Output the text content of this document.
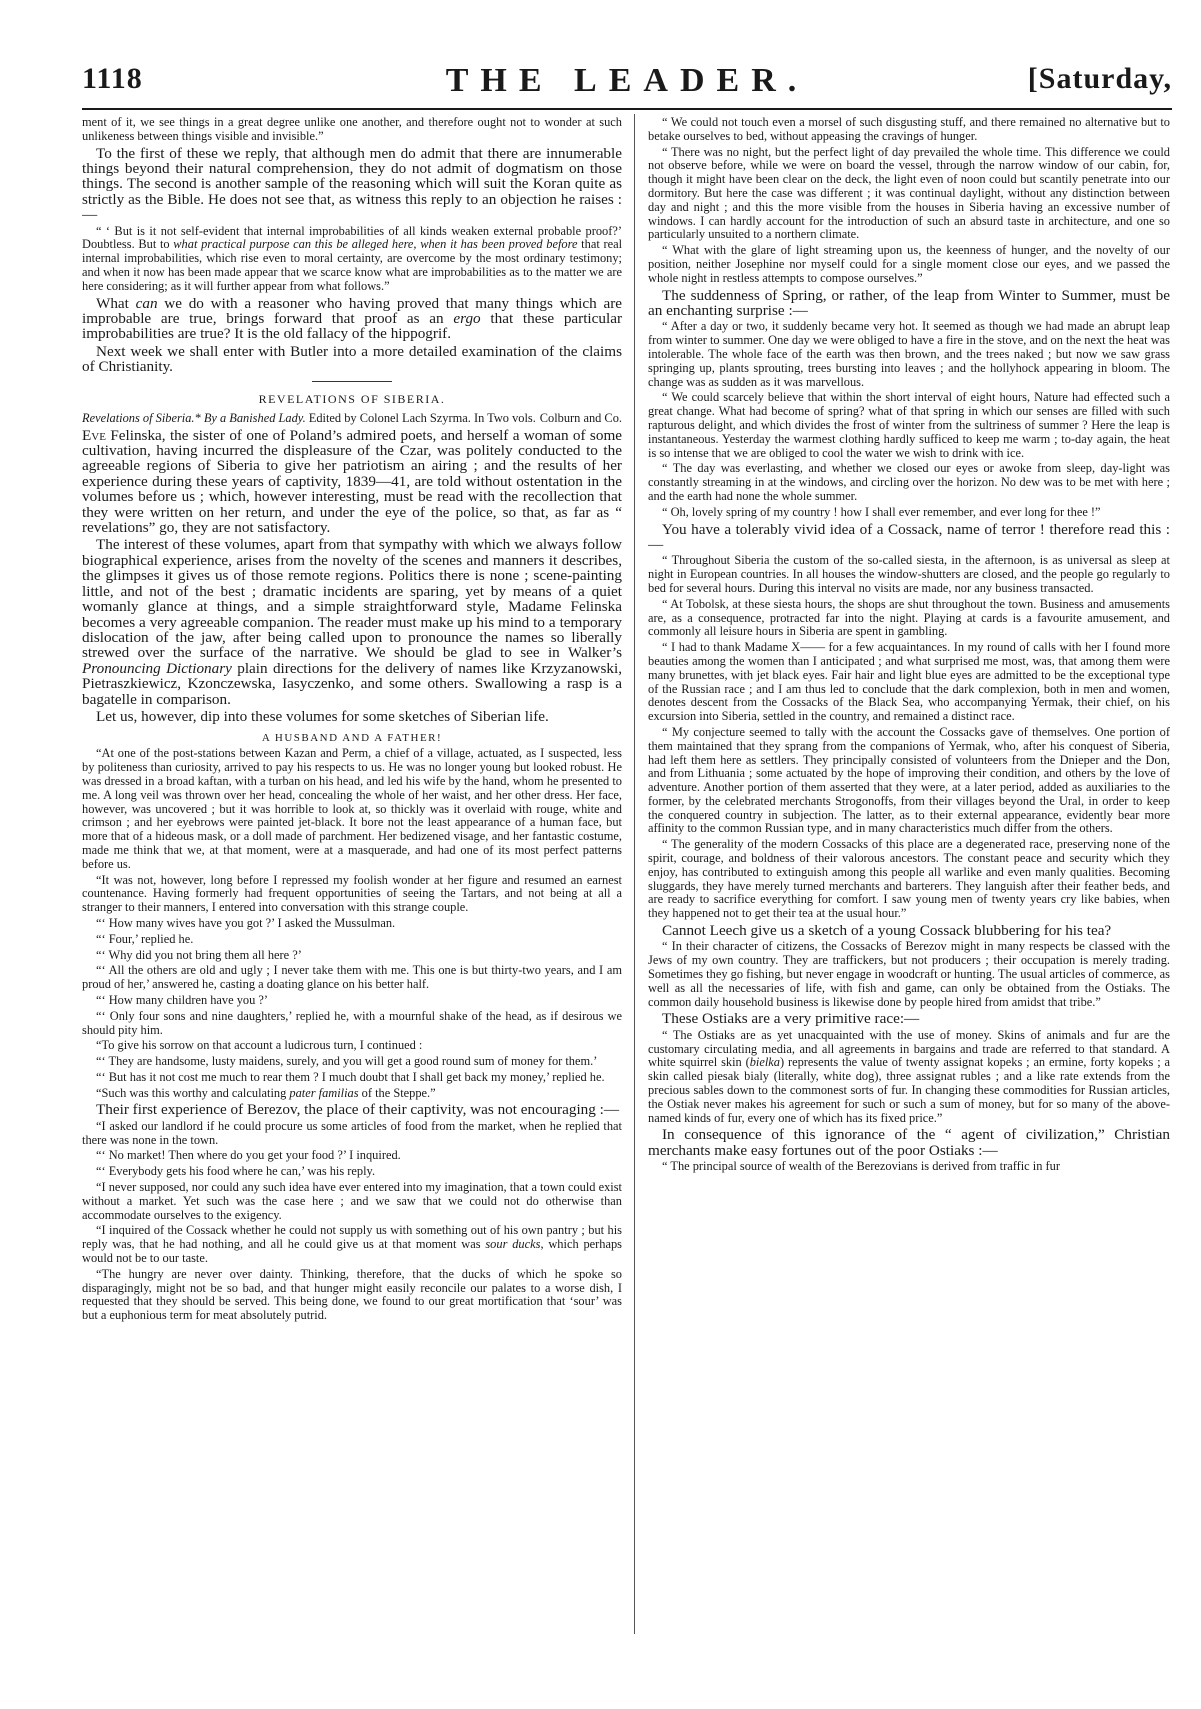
1118	THE LEADER.	[Saturday,

ment of it, we see things in a great degree unlike one another, and therefore ought not to wonder at such unlikeness between things visible and invisible.”

To the first of these we reply, that although men do admit that there are innumerable things beyond their natural comprehension, they do not admit of dogmatism on those things. The second is another sample of the reasoning which will suit the Koran quite as strictly as the Bible. He does not see that, as witness this reply to an objection he raises :—

“ ‘ But is it not self-evident that internal improbabilities of all kinds weaken external probable proof?’ Doubtless. But to what practical purpose can this be alleged here, when it has been proved before that real internal improbabilities, which rise even to moral certainty, are overcome by the most ordinary testimony; and when it now has been made appear that we scarce know what are improbabilities as to the matter we are here considering; as it will further appear from what follows.”

What can we do with a reasoner who having proved that many things which are improbable are true, brings forward that proof as an ergo that these particular improbabilities are true? It is the old fallacy of the hippogrif.

Next week we shall enter with Butler into a more detailed examination of the claims of Christianity.

REVELATIONS OF SIBERIA.

Revelations of Siberia.* By a Banished Lady. Edited by Colonel Lach Szyrma. In Two vols. Colburn and Co.

Eve Felinska, the sister of one of Poland’s admired poets, and herself a woman of some cultivation, having incurred the displeasure of the Czar, was politely conducted to the agreeable regions of Siberia to give her patriotism an airing ; and the results of her experience during these years of captivity, 1839—41, are told without ostentation in the volumes before us ; which, however interesting, must be read with the recollection that they were written on her return, and under the eye of the police, so that, as far as “ revelations” go, they are not satisfactory.

The interest of these volumes, apart from that sympathy with which we always follow biographical experience, arises from the novelty of the scenes and manners it describes, the glimpses it gives us of those remote regions. Politics there is none ; scene-painting little, and not of the best ; dramatic incidents are sparing, yet by means of a quiet womanly glance at things, and a simple straightforward style, Madame Felinska becomes a very agreeable companion. The reader must make up his mind to a temporary dislocation of the jaw, after being called upon to pronounce the names so liberally strewed over the surface of the narrative. We should be glad to see in Walker’s Pronouncing Dictionary plain directions for the delivery of names like Krzyzanowski, Pietraszkiewicz, Kzonczewska, Iasyczenko, and some others. Swallowing a rasp is a bagatelle in comparison.

Let us, however, dip into these volumes for some sketches of Siberian life.

A HUSBAND AND A FATHER!

“At one of the post-stations between Kazan and Perm, a chief of a village, actuated, as I suspected, less by politeness than curiosity, arrived to pay his respects to us. He was no longer young but looked robust. He was dressed in a broad kaftan, with a turban on his head, and led his wife by the hand, whom he presented to me. A long veil was thrown over her head, concealing the whole of her waist, and her other dress. Her face, however, was uncovered ; but it was horrible to look at, so thickly was it overlaid with rouge, white and crimson ; and her eyebrows were painted jet-black. It bore not the least appearance of a human face, but more that of a hideous mask, or a doll made of parchment. Her bedizened visage, and her fantastic costume, made me think that we, at that moment, were at a masquerade, and had one of its most perfect patterns before us.

“It was not, however, long before I repressed my foolish wonder at her figure and resumed an earnest countenance. Having formerly had frequent opportunities of seeing the Tartars, and not being at all a stranger to their manners, I entered into conversation with this strange couple.

“‘ How many wives have you got ?’ I asked the Mussulman.

“‘ Four,’ replied he.

“‘ Why did you not bring them all here ?’

“‘ All the others are old and ugly ; I never take them with me. This one is but thirty-two years, and I am proud of her,’ answered he, casting a doating glance on his better half.

“‘ How many children have you ?’

“‘ Only four sons and nine daughters,’ replied he, with a mournful shake of the head, as if desirous we should pity him.

“To give his sorrow on that account a ludicrous turn, I continued :

“‘ They are handsome, lusty maidens, surely, and you will get a good round sum of money for them.’

“‘ But has it not cost me much to rear them ? I much doubt that I shall get back my money,’ replied he.

“Such was this worthy and calculating pater familias of the Steppe.”

Their first experience of Berezov, the place of their captivity, was not encouraging :—

“I asked our landlord if he could procure us some articles of food from the market, when he replied that there was none in the town.

“‘ No market! Then where do you get your food ?’ I inquired.

“‘ Everybody gets his food where he can,’ was his reply.

“I never supposed, nor could any such idea have ever entered into my imagination, that a town could exist without a market. Yet such was the case here ; and we saw that we could not do otherwise than accommodate ourselves to the exigency.

“I inquired of the Cossack whether he could not supply us with something out of his own pantry ; but his reply was, that he had nothing, and all he could give us at that moment was sour ducks, which perhaps would not be to our taste.

“The hungry are never over dainty. Thinking, therefore, that the ducks of which he spoke so disparagingly, might not be so bad, and that hunger might easily reconcile our palates to a worse dish, I requested that they should be served. This being done, we found to our great mortification that ‘sour’ was but a euphonious term for meat absolutely putrid.

“ We could not touch even a morsel of such disgusting stuff, and there remained no alternative but to betake ourselves to bed, without appeasing the cravings of hunger.

“ There was no night, but the perfect light of day prevailed the whole time. This difference we could not observe before, while we were on board the vessel, through the narrow window of our cabin, for, though it might have been clear on the deck, the light even of noon could but scantily penetrate into our dormitory. But here the case was different ; it was continual daylight, without any distinction between day and night ; and this the more visible from the houses in Siberia having an excessive number of windows. I can hardly account for the introduction of such an absurd taste in architecture, and one so particularly unsuited to a northern climate.

“ What with the glare of light streaming upon us, the keenness of hunger, and the novelty of our position, neither Josephine nor myself could for a single moment close our eyes, and we passed the whole night in restless attempts to compose ourselves.”

The suddenness of Spring, or rather, of the leap from Winter to Summer, must be an enchanting surprise :—

“ After a day or two, it suddenly became very hot. It seemed as though we had made an abrupt leap from winter to summer. One day we were obliged to have a fire in the stove, and on the next the heat was intolerable. The whole face of the earth was then brown, and the trees naked ; but now we saw grass springing up, plants sprouting, trees bursting into leaves ; and the hollyhock appearing in bloom. The change was as sudden as it was marvellous.

“ We could scarcely believe that within the short interval of eight hours, Nature had effected such a great change. What had become of spring? what of that spring in which our senses are filled with such rapturous delight, and which divides the frost of winter from the sultriness of summer ? Here the leap is instantaneous. Yesterday the warmest clothing hardly sufficed to keep me warm ; to-day again, the heat is so intense that we are obliged to cool the water we wish to drink with ice.

“ The day was everlasting, and whether we closed our eyes or awoke from sleep, day-light was constantly streaming in at the windows, and circling over the horizon. No dew was to be met with here ; and the earth had none the whole summer.

“ Oh, lovely spring of my country ! how I shall ever remember, and ever long for thee !”

You have a tolerably vivid idea of a Cossack, name of terror ! therefore read this :—

“ Throughout Siberia the custom of the so-called siesta, in the afternoon, is as universal as sleep at night in European countries. In all houses the window-shutters are closed, and the people go regularly to bed for several hours. During this interval no visits are made, nor any business transacted.

“ At Tobolsk, at these siesta hours, the shops are shut throughout the town. Business and amusements are, as a consequence, protracted far into the night. Playing at cards is a favourite amusement, and commonly all leisure hours in Siberia are spent in gambling.

“ I had to thank Madame X—— for a few acquaintances. In my round of calls with her I found more beauties among the women than I anticipated ; and what surprised me most, was, that among them were many brunettes, with jet black eyes. Fair hair and light blue eyes are admitted to be the exceptional type of the Russian race ; and I am thus led to conclude that the dark complexion, both in men and women, denotes descent from the Cossacks of the Black Sea, who accompanying Yermak, their chief, on his excursion into Siberia, settled in the country, and remained a distinct race.

“ My conjecture seemed to tally with the account the Cossacks gave of themselves. One portion of them maintained that they sprang from the companions of Yermak, who, after his conquest of Siberia, had left them here as settlers. They principally consisted of volunteers from the Dnieper and the Don, and from Lithuania ; some actuated by the hope of improving their condition, and others by the love of adventure. Another portion of them asserted that they were, at a later period, added as auxiliaries to the former, by the celebrated merchants Strogonoffs, from their villages beyond the Ural, in order to keep the conquered country in subjection. The latter, as to their external appearance, evidently bear more affinity to the common Russian type, and in many characteristics much differ from the others.

“ The generality of the modern Cossacks of this place are a degenerated race, preserving none of the spirit, courage, and boldness of their valorous ancestors. The constant peace and security which they enjoy, has contributed to extinguish among this people all warlike and even manly qualities. Becoming sluggards, they have merely turned merchants and barterers. They languish after their feather beds, and are ready to sacrifice everything for comfort. I saw young men of twenty years cry like babies, when they happened not to get their tea at the usual hour.”

Cannot Leech give us a sketch of a young Cossack blubbering for his tea?

“ In their character of citizens, the Cossacks of Berezov might in many respects be classed with the Jews of my own country. They are traffickers, but not producers ; their occupation is merely trading. Sometimes they go fishing, but never engage in woodcraft or hunting. The usual articles of commerce, as well as all the necessaries of life, with fish and game, can only be obtained from the Ostiaks. The common daily household business is likewise done by people hired from amidst that tribe.”

These Ostiaks are a very primitive race:—

“ The Ostiaks are as yet unacquainted with the use of money. Skins of animals and fur are the customary circulating media, and all agreements in bargains and trade are referred to that standard. A white squirrel skin (bielka) represents the value of twenty assignat kopeks ; an ermine, forty kopeks ; a skin called piesak bialy (literally, white dog), three assignat rubles ; and a like rate extends from the precious sables down to the commonest sorts of fur. In changing these commodities for Russian articles, the Ostiak never makes his agreement for such or such a sum of money, but for so many of the above-named kinds of fur, every one of which has its fixed price.”

In consequence of this ignorance of the “ agent of civilization,” Christian merchants make easy fortunes out of the poor Ostiaks :—

“ The principal source of wealth of the Berezovians is derived from traffic in fur
